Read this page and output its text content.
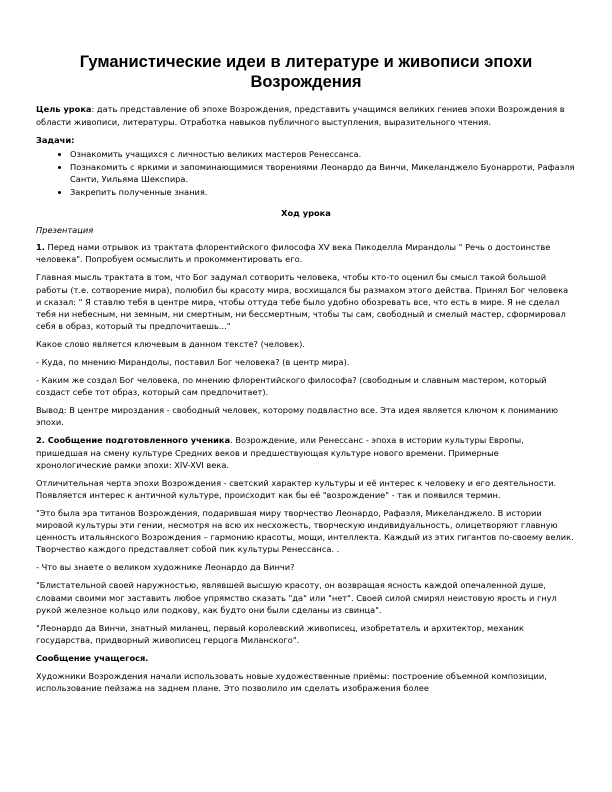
Гуманистические идеи в литературе и живописи эпохи
Возрождения

Цель урока: дать представление об эпохе Возрождения, представить учащимся великих гениев эпохи Возрождения в области живописи, литературы. Отработка навыков публичного выступления, выразительного чтения.

Задачи:
• Ознакомить учащихся с личностью великих мастеров Ренессанса.
• Познакомить с яркими и запоминающимися творениями Леонардо да Винчи, Микеланджело Буонарроти, Рафаэля Санти, Уильяма Шекспира.
• Закрепить полученные знания.
Ход урока
Презентация

1. Перед нами отрывок из трактата флорентийского философа XV века Пикоделла Мирандолы " Речь о достоинстве человека". Попробуем осмыслить и прокомментировать его.

Главная мысль трактата в том, что Бог задумал сотворить человека, чтобы кто-то оценил бы смысл такой большой работы (т.е. сотворение мира), полюбил бы красоту мира, восхищался бы размахом этого действа. Принял Бог человека и сказал: " Я ставлю тебя в центре мира, чтобы оттуда тебе было удобно обозревать все, что есть в мире. Я не сделал тебя ни небесным, ни земным, ни смертным, ни бессмертным, чтобы ты сам, свободный и смелый мастер, сформировал себя в образ, который ты предпочитаешь..."

Какое слово является ключевым в данном тексте? (человек).

- Куда, по мнению Мирандолы, поставил Бог человека? (в центр мира).

- Каким же создал Бог человека, по мнению флорентийского философа? (свободным и славным мастером, который создаст себе тот образ, который сам предпочитает).

Вывод: В центре мироздания - свободный человек, которому подвластно все. Эта идея является ключом к пониманию эпохи.

2. Сообщение подготовленного ученика. Возрождение, или Ренессанс - эпоха в истории культуры Европы, пришедшая на смену культуре Средних веков и предшествующая культуре нового времени. Примерные хронологические рамки эпохи: XIV-XVI века.

Отличительная черта эпохи Возрождения - светский характер культуры и её интерес к человеку и его деятельности. Появляется интерес к античной культуре, происходит как бы её "возрождение" - так и появился термин.

"Это была эра титанов Возрождения, подарившая миру творчество Леонардо, Рафаэля, Микеланджело. В истории мировой культуры эти гении, несмотря на всю их несхожесть, творческую индивидуальность, олицетворяют главную ценность итальянского Возрождения – гармонию красоты, мощи, интеллекта. Каждый из этих гигантов по-своему велик. Творчество каждого представляет собой пик культуры Ренессанса. .

- Что вы знаете о великом художнике Леонардо да Винчи?

"Блистательной своей наружностью, являвшей высшую красоту, он возвращая ясность каждой опечаленной душе, словами своими мог заставить любое упрямство сказать "да" или "нет". Своей силой смирял неистовую ярость и гнул рукой железное кольцо или подкову, как будто они были сделаны из свинца".

"Леонардо да Винчи, знатный миланец, первый королевский живописец, изобретатель и архитектор, механик государства, придворный живописец герцога Миланского".

Сообщение учащегося.

Художники Возрождения начали использовать новые художественные приёмы: построение объемной композиции, использование пейзажа на заднем плане. Это позволило им сделать изображения более
